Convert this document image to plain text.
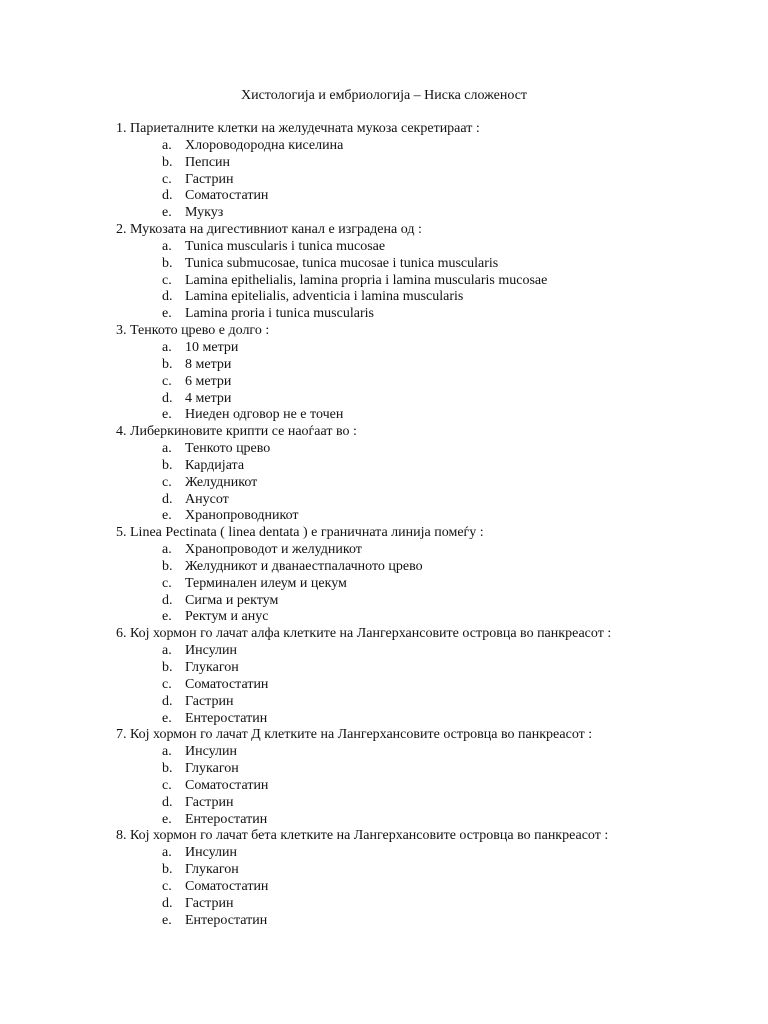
Хистологија и ембриологија – Ниска сложеност
1. Париеталните клетки на желудечната мукоза секретираат :
a. Хлороводородна киселина
b. Пепсин
c. Гастрин
d. Соматостатин
e. Мукуз
2. Мукозата на дигестивниот канал е изградена од :
a. Tunica muscularis i tunica mucosae
b. Tunica submucosae, tunica mucosae i tunica muscularis
c. Lamina epithelialis, lamina propria i lamina muscularis mucosae
d. Lamina epitelialis, adventicia i lamina muscularis
e. Lamina proria i tunica muscularis
3. Тенкото црево е долго :
a. 10 метри
b. 8 метри
c. 6 метри
d. 4 метри
e. Ниеден одговор не е точен
4. Либеркиновите крипти се наоѓаат во :
a. Тенкото црево
b. Кардијата
c. Желудникот
d. Анусот
e. Хранопроводникот
5. Linea Pectinata ( linea dentata ) е граничната линија помеѓу :
a. Хранопроводот и желудникот
b. Желудникот и дванаестпалачното црево
c. Терминален илеум и цекум
d. Сигма и ректум
e. Ректум и анус
6. Кој хормон го лачат алфа клетките на Лангерхансовите островца во панкреасот :
a. Инсулин
b. Глукагон
c. Соматостатин
d. Гастрин
e. Ентеростатин
7. Кој хормон го лачат Д клетките на Лангерхансовите островца во панкреасот :
a. Инсулин
b. Глукагон
c. Соматостатин
d. Гастрин
e. Ентеростатин
8. Кој хормон го лачат бета клетките на Лангерхансовите островца во панкреасот :
a. Инсулин
b. Глукагон
c. Соматостатин
d. Гастрин
e. Ентеростатин
